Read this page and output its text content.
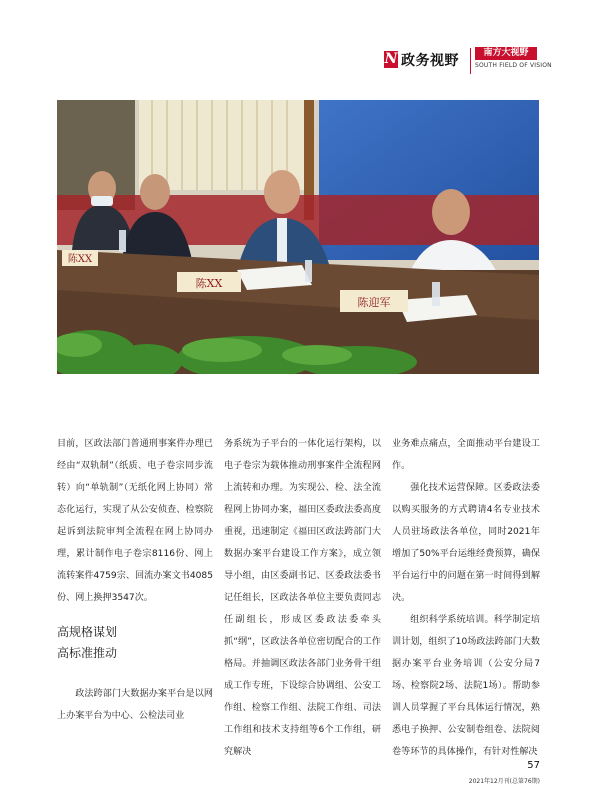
N 政务视野	南方大视野
SOUTH FIELD OF VISION
陈XX
陈XX
陈迎军

目前，区政法部门普通刑事案件办理已经由“双轨制”（纸质、电子卷宗同步流转）向“单轨制”（无纸化网上协同）常态化运行，实现了从公安侦查、检察院起诉到法院审判全流程在网上协同办理，累计制作电子卷宗8116份、网上流转案件4759宗、回流办案文书4085份、网上换押3547次。

高规格谋划

高标准推动

政法跨部门大数据办案平台是以网上办案平台为中心、公检法司业

务系统为子平台的一体化运行架构，以电子卷宗为载体推动刑事案件全流程网上流转和办理。为实现公、检、法全流程网上协同办案，福田区委政法委高度重视，迅速制定《福田区政法跨部门大数据办案平台建设工作方案》，成立领导小组，由区委副书记、区委政法委书记任组长，区政法各单位主要负责同志任副组长，形成区委政法委牵头抓“纲”，区政法各单位密切配合的工作格局。并抽调区政法各部门业务骨干组成工作专班，下设综合协调组、公安工作组、检察工作组、法院工作组、司法工作组和技术支持组等6个工作组，研究解决

业务难点痛点，全面推动平台建设工作。

强化技术运营保障。区委政法委以购买服务的方式聘请4名专业技术人员驻场政法各单位，同时2021年增加了50%平台运维经费预算，确保平台运行中的问题在第一时间得到解决。

组织科学系统培训。科学制定培训计划，组织了10场政法跨部门大数据办案平台业务培训（公安分局7场、检察院2场、法院1场）。帮助参训人员掌握了平台具体运行情况，熟悉电子换押、公安制卷组卷、法院阅卷等环节的具体操作，有针对性解决

57
2021年12月刊(总第76期)
